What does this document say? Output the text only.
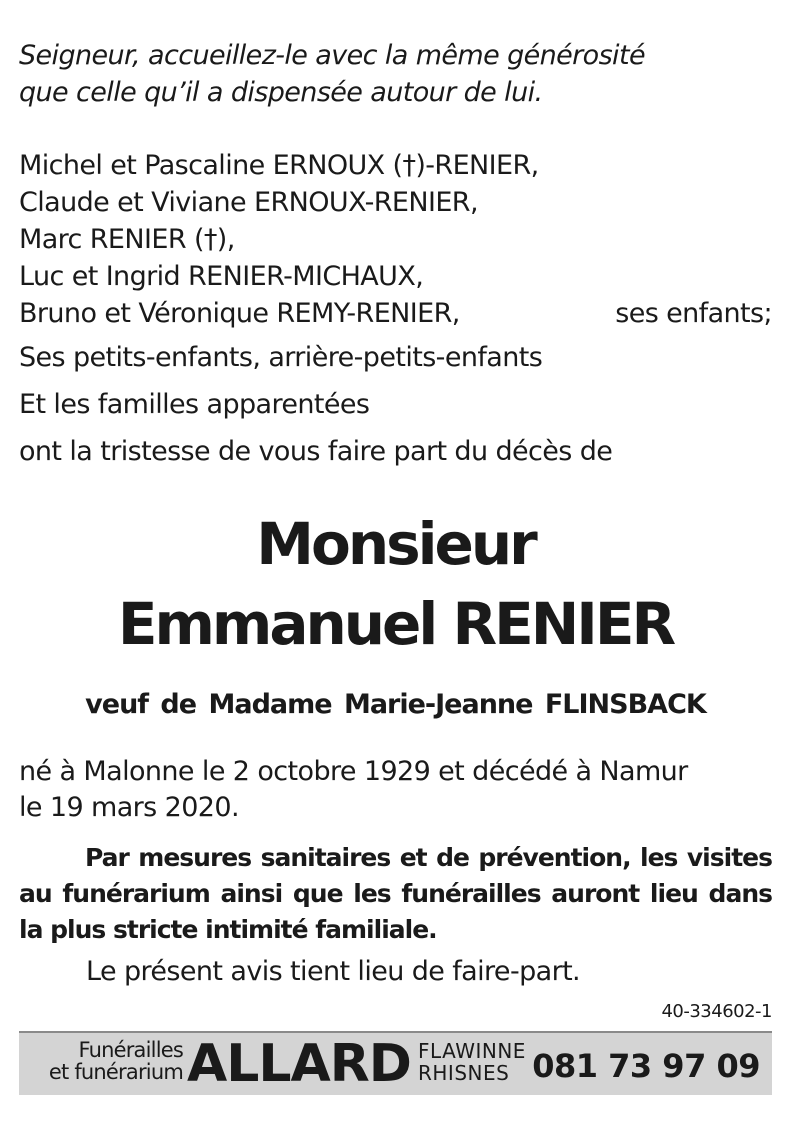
Seigneur, accueillez-le avec la même générosité
que celle qu’il a dispensée autour de lui.
Michel et Pascaline ERNOUX (†)-RENIER,
Claude et Viviane ERNOUX-RENIER,
Marc RENIER (†),
Luc et Ingrid RENIER-MICHAUX,
Bruno et Véronique REMY-RENIER,	ses enfants;
Ses petits-enfants, arrière-petits-enfants
Et les familles apparentées
ont la tristesse de vous faire part du décès de
Monsieur
Emmanuel RENIER
veuf de Madame Marie-Jeanne FLINSBACK
né à Malonne le 2 octobre 1929 et décédé à Namur
le 19 mars 2020.
Par mesures sanitaires et de prévention, les visites au funérarium ainsi que les funérailles auront lieu dans la plus stricte intimité familiale.
Le présent avis tient lieu de faire-part.
40-334602-1
Funérailles
et funérarium ALLARD FLAWINNE
RHISNES 081 73 97 09
